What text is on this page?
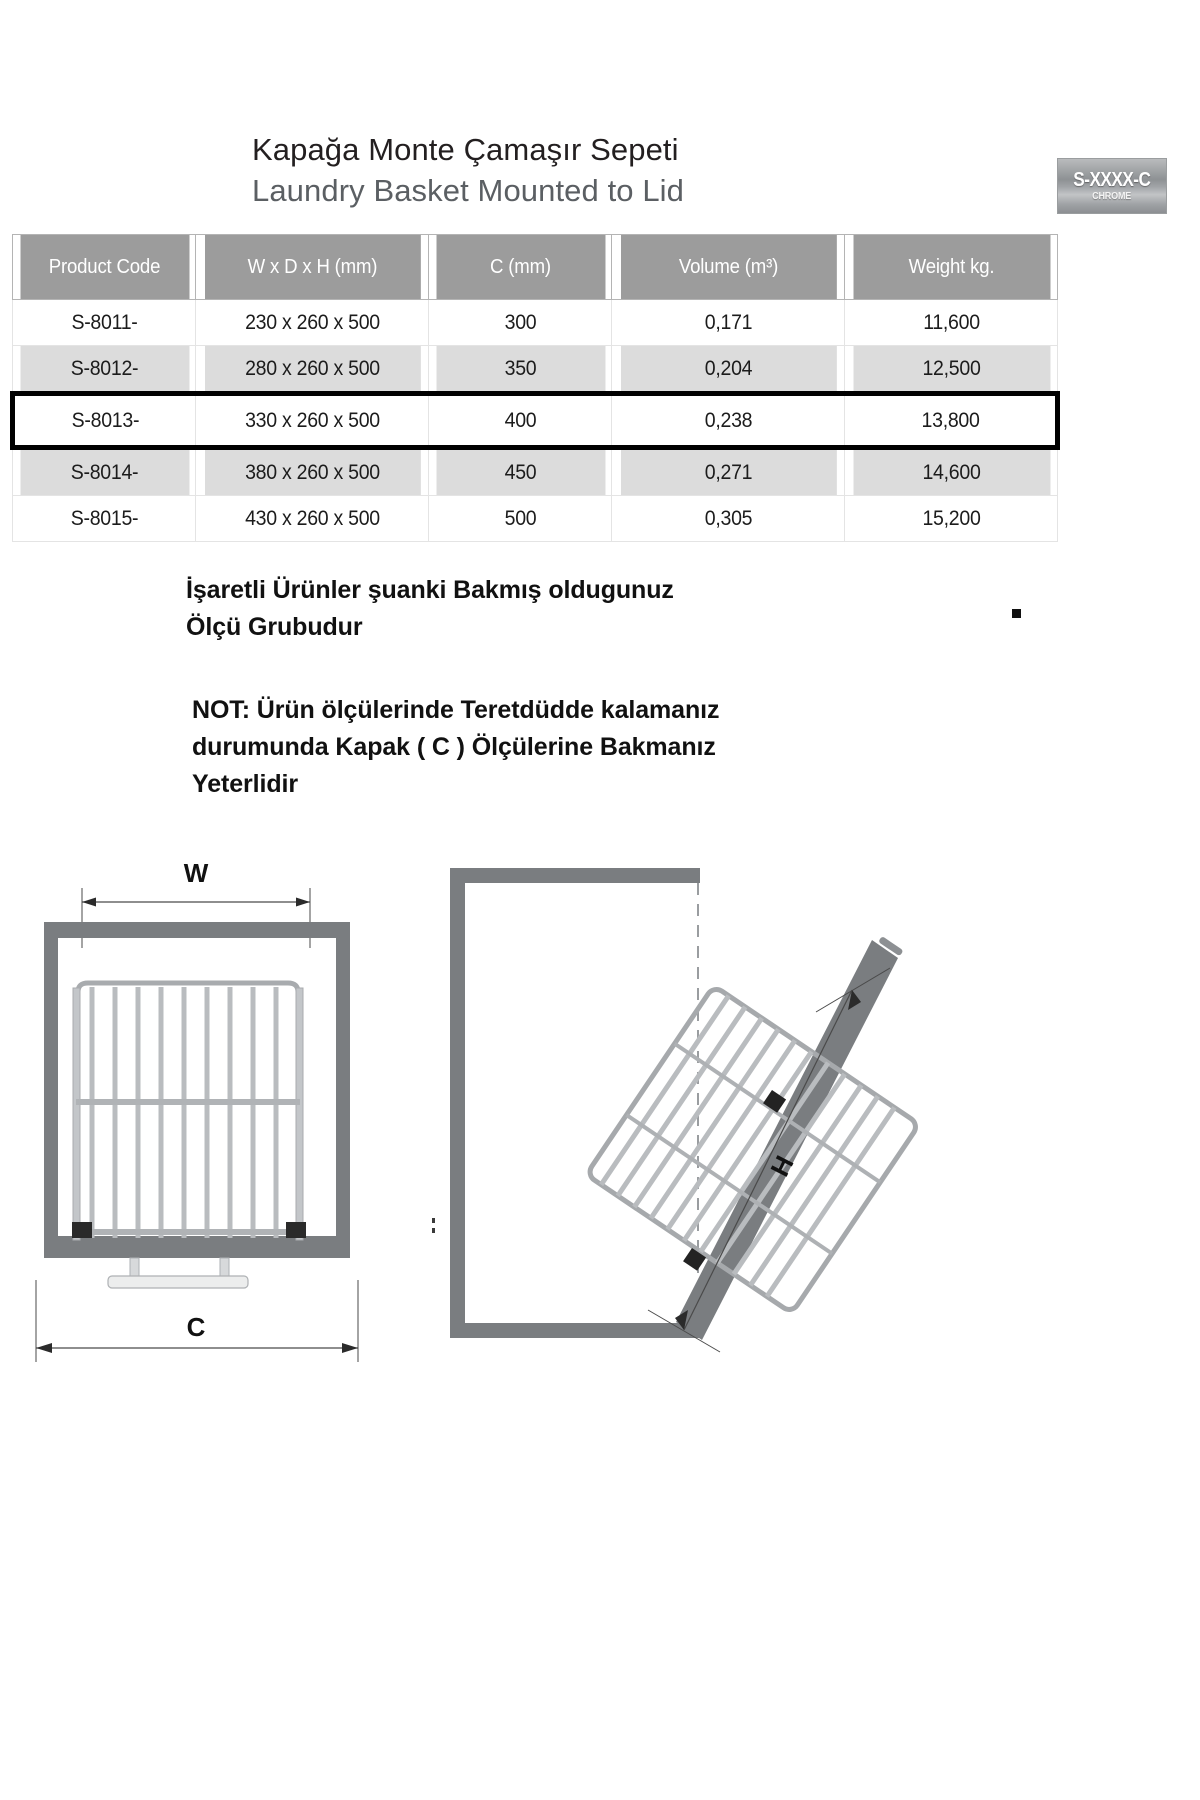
Kapağa Monte Çamaşır Sepeti
Laundry Basket Mounted to Lid	S-XXXX-C
CHROME
Product Code	W x D x H (mm)	C (mm)	Volume (m³)	Weight kg.
S-8011-	230 x 260 x 500	300	0,171	11,600
S-8012-	280 x 260 x 500	350	0,204	12,500
S-8013-	330 x 260 x 500	400	0,238	13,800
S-8014-	380 x 260 x 500	450	0,271	14,600
S-8015-	430 x 260 x 500	500	0,305	15,200
İşaretli Ürünler şuanki Bakmış oldugunuz
Ölçü Grubudur
NOT: Ürün ölçülerinde Teretdüdde kalamanız
durumunda Kapak ( C ) Ölçülerine Bakmanız
Yeterlidir
W
C
H
